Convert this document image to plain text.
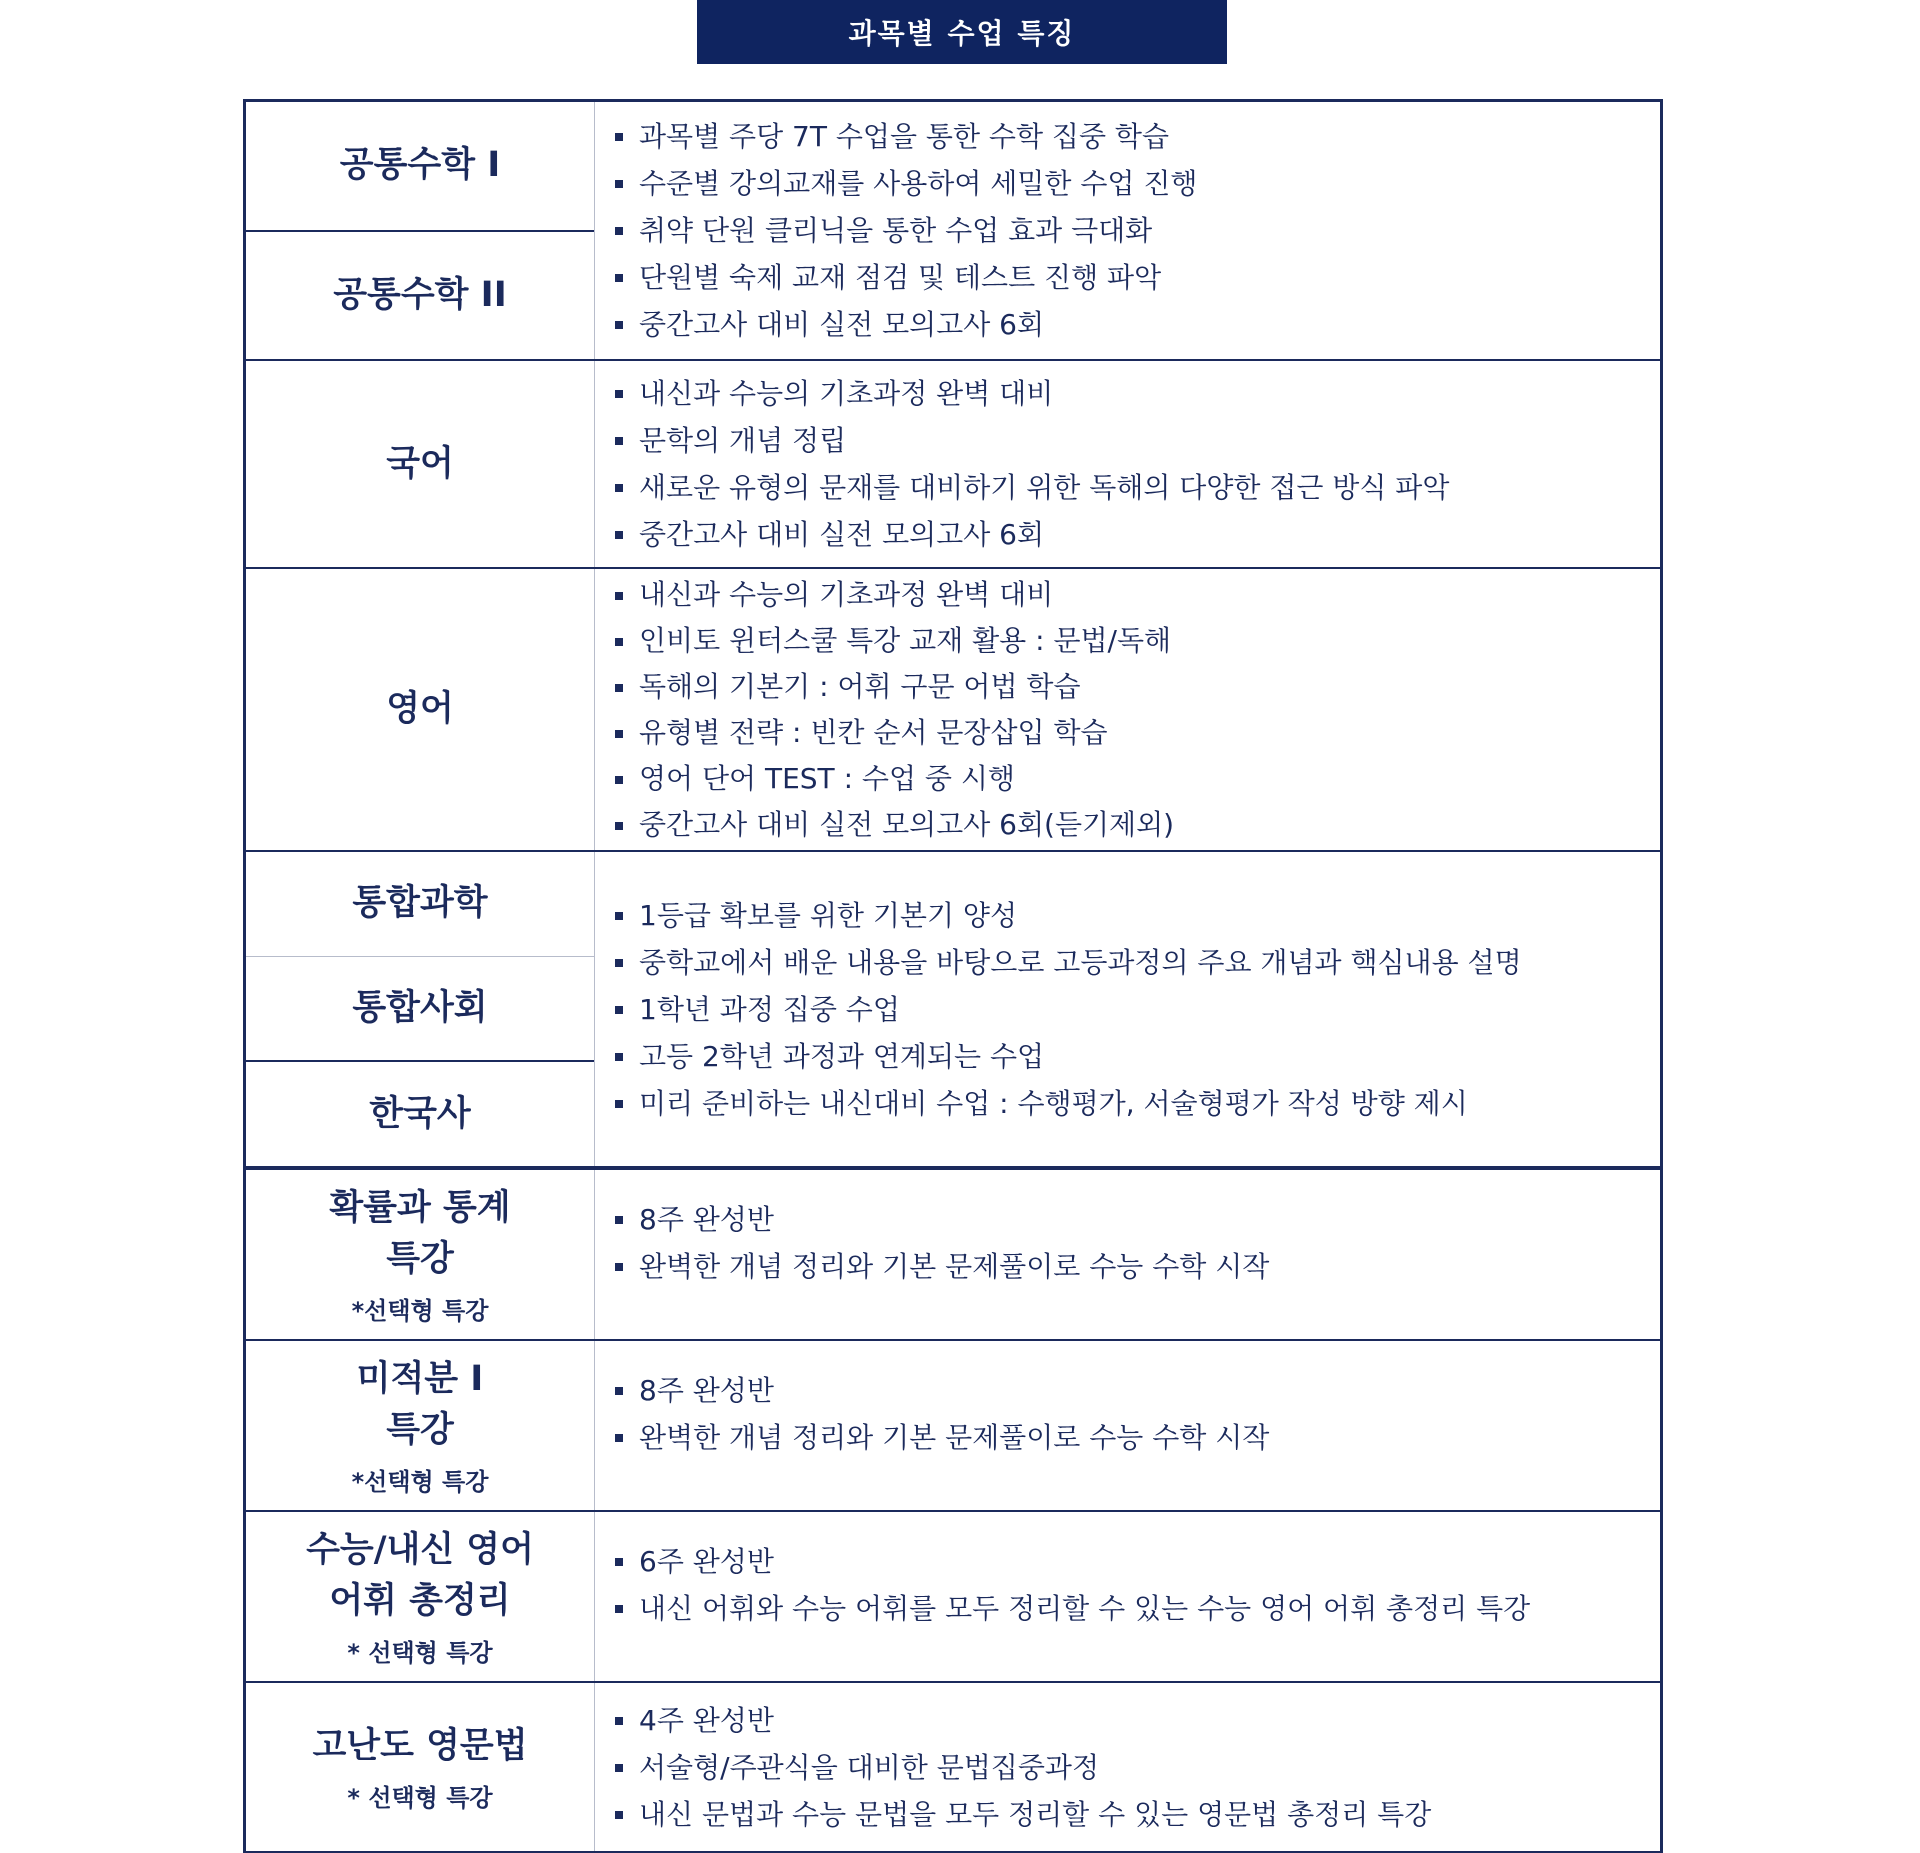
과목별 수업 특징
공통수학 I
공통수학 II
과목별 주당 7T 수업을 통한 수학 집중 학습
수준별 강의교재를 사용하여 세밀한 수업 진행
취약 단원 클리닉을 통한 수업 효과 극대화
단원별 숙제 교재 점검 및 테스트 진행 파악
중간고사 대비 실전 모의고사 6회
국어
내신과 수능의 기초과정 완벽 대비
문학의 개념 정립
새로운 유형의 문재를 대비하기 위한 독해의 다양한 접근 방식 파악
중간고사 대비 실전 모의고사 6회
영어
내신과 수능의 기초과정 완벽 대비
인비토 윈터스쿨 특강 교재 활용 : 문법/독해
독해의 기본기 : 어휘 구문 어법 학습
유형별 전략 : 빈칸 순서 문장삽입 학습
영어 단어 TEST : 수업 중 시행
중간고사 대비 실전 모의고사 6회(듣기제외)
통합과학
통합사회
한국사
1등급 확보를 위한 기본기 양성
중학교에서 배운 내용을 바탕으로 고등과정의 주요 개념과 핵심내용 설명
1학년 과정 집중 수업
고등 2학년 과정과 연계되는 수업
미리 준비하는 내신대비 수업 : 수행평가, 서술형평가 작성 방향 제시
확률과 통계
특강
*선택형 특강
8주 완성반
완벽한 개념 정리와 기본 문제풀이로 수능 수학 시작
미적분 I
특강
*선택형 특강
8주 완성반
완벽한 개념 정리와 기본 문제풀이로 수능 수학 시작
수능/내신 영어
어휘 총정리
* 선택형 특강
6주 완성반
내신 어휘와 수능 어휘를 모두 정리할 수 있는 수능 영어 어휘 총정리 특강
고난도 영문법
* 선택형 특강
4주 완성반
서술형/주관식을 대비한 문법집중과정
내신 문법과 수능 문법을 모두 정리할 수 있는 영문법 총정리 특강
